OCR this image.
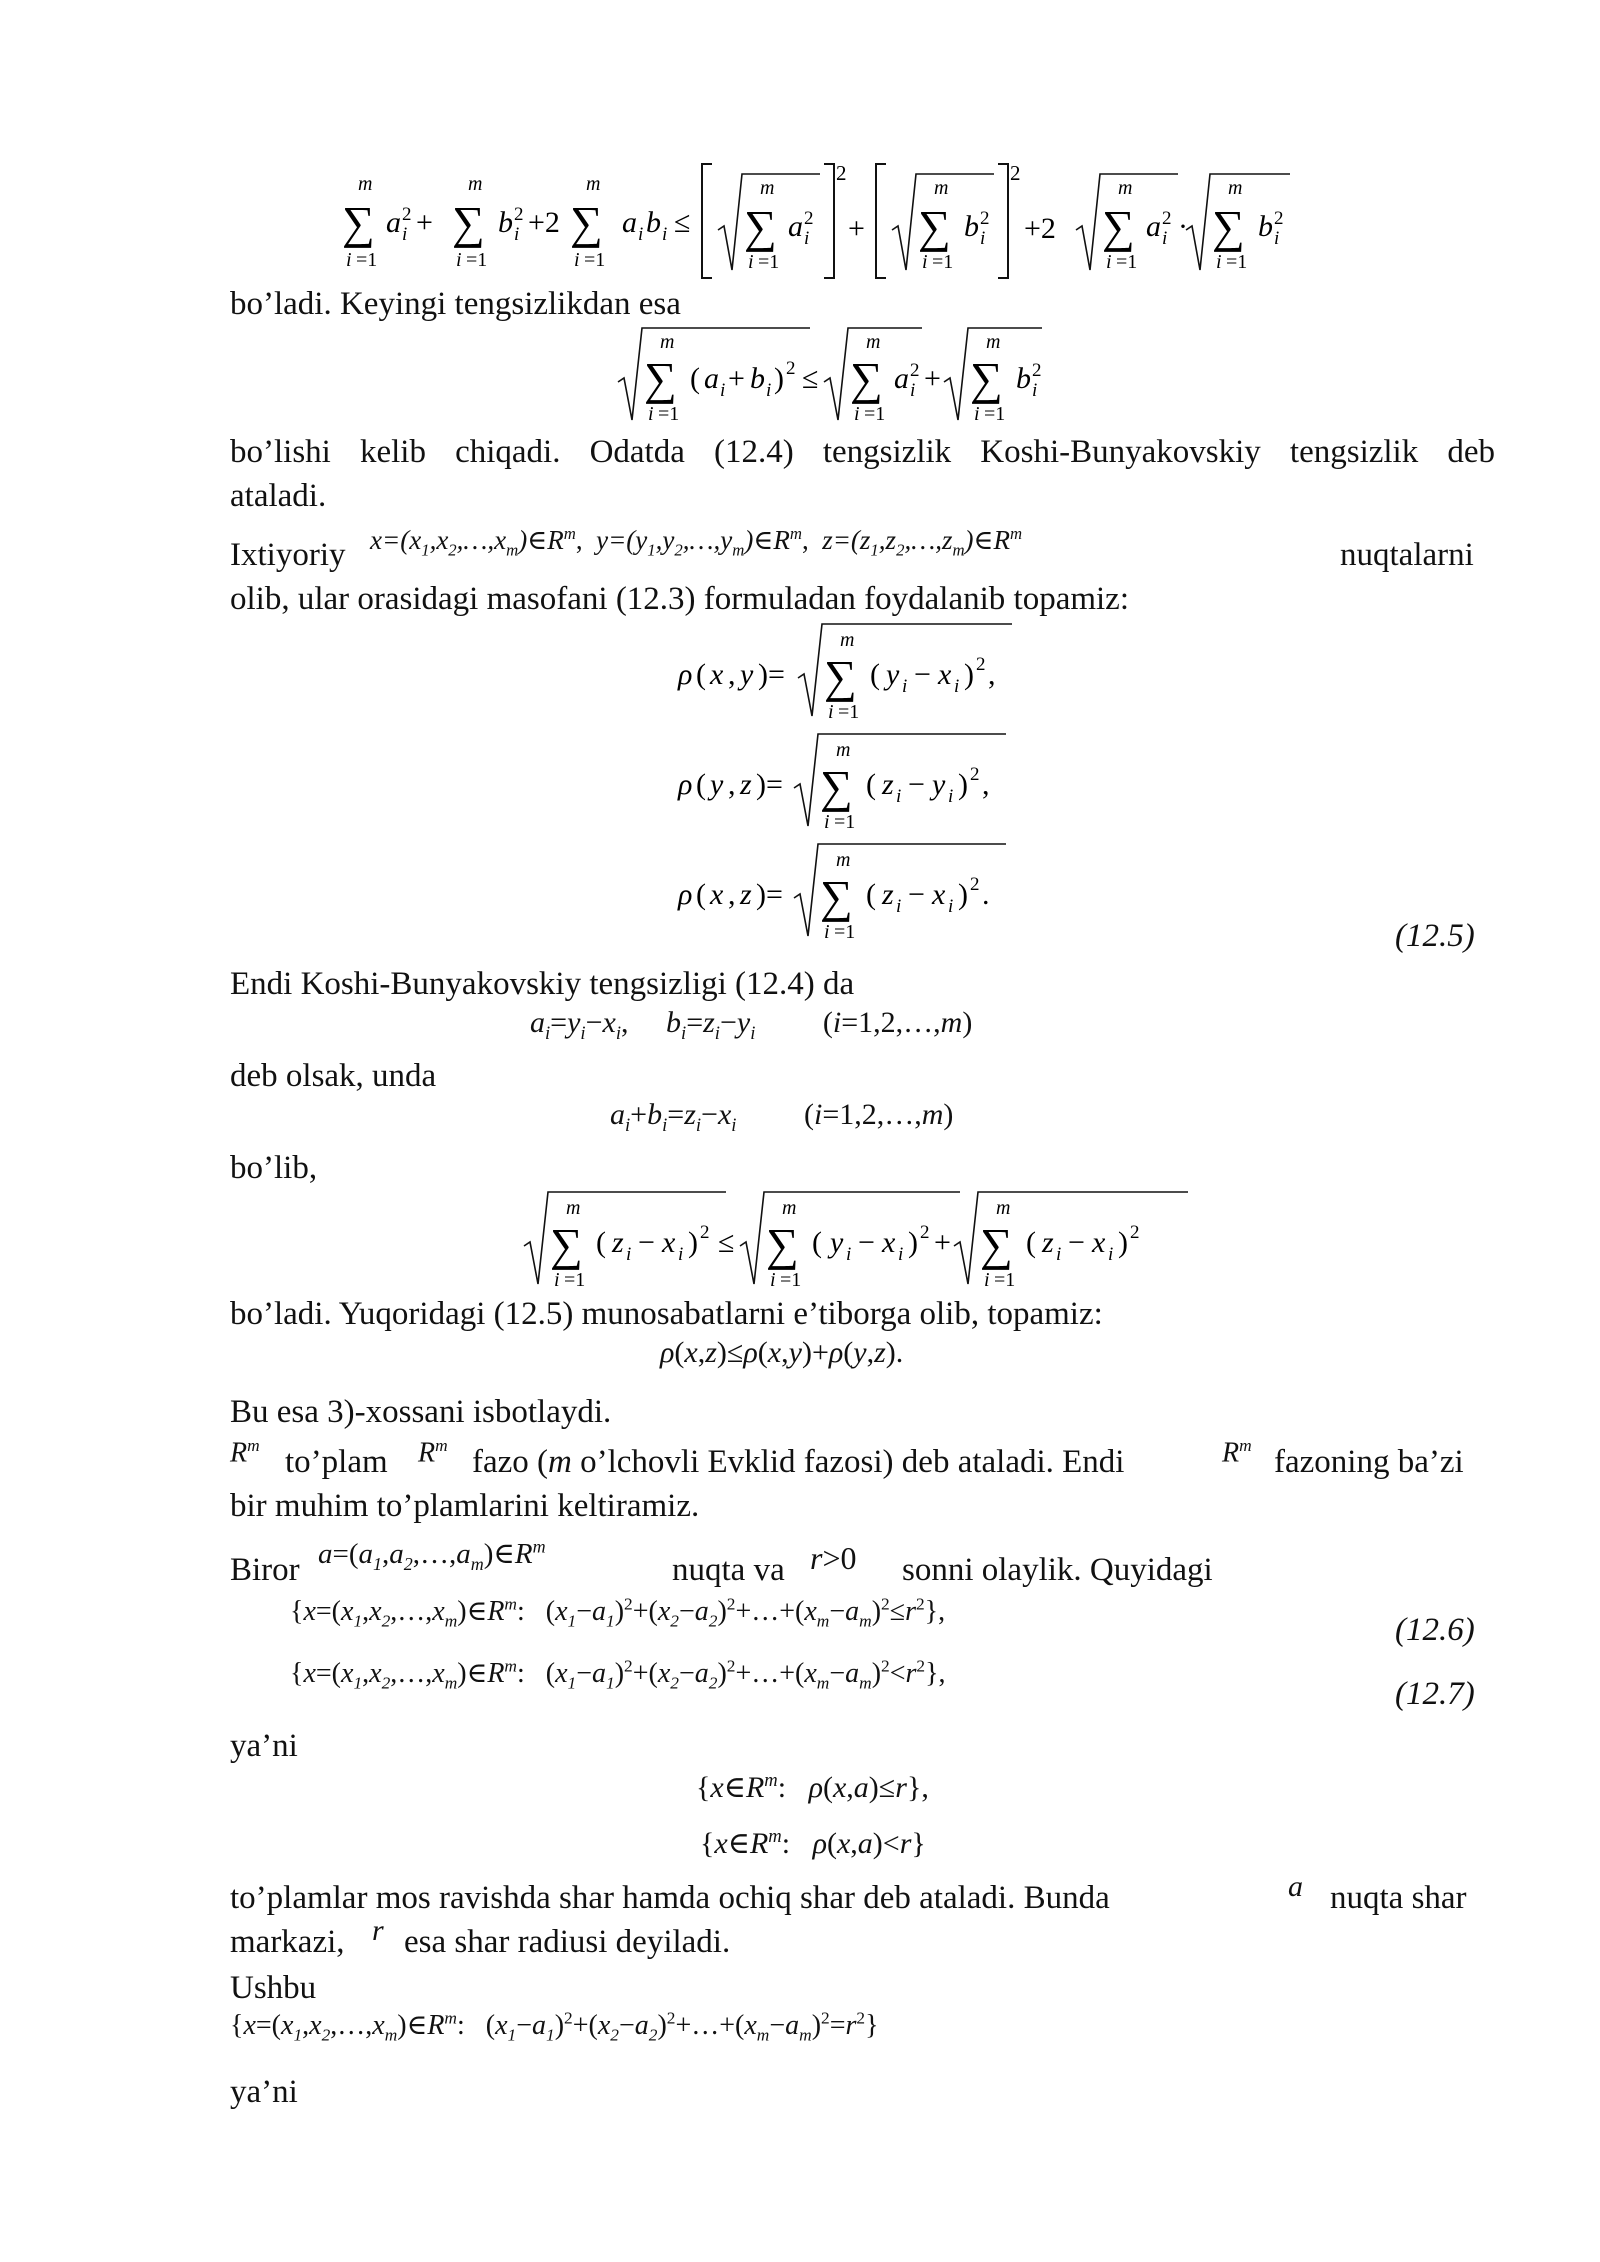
m
∑
i =1
a i
2 +
m
∑
i =1
b i
2 +2
m
∑
i =1
a i b i ≤
m
∑
i =1
a i
2
2
+
m
∑
i =1
b i
2
2
+2
m
∑
i =1
a i
2 ·
m
∑
i =1
b i
2
bo’ladi. Keyingi tengsizlikdan esa
m
∑
i =1
( a i + b i ) 2 ≤
m
∑
i =1
a i
2 +
m
∑
i =1
b i
2
bo’lishi kelib chiqadi. Odatda (12.4) tengsizlik Koshi-Bunyakovskiy tengsizlik deb
ataladi.
Ixtiyoriy $x=(x_1,x_2,\dots,x_m)\in R^m$,  $y=(y_1,y_2,\dots,y_m)\in R^m$,  $z=(z_1,z_2,\dots,z_m)\in R^m$
nuqtalarni
olib, ular orasidagi masofani (12.3) formuladan foydalanib topamiz:
ρ ( x , y )=
m
∑
i =1
( y i − x i ) 2 ,
ρ ( y , z )=
m
∑
i =1
( z i − y i ) 2 ,
ρ ( x , z )=
m
∑
i =1
( z i − x i ) 2 .
(12.5)
Endi Koshi-Bunyakovskiy tengsizligi (12.4) da
$a_i=y_i-x_i$,     $b_i=z_i-y_i$ (i=1,2,…,m)
deb olsak, unda
$a_i+b_i=z_i-x_i$ (i=1,2,…,m)
bo’lib,
m
∑
i =1
( z i − x i ) 2 ≤
m
∑
i =1
( y i − x i ) 2 +
m
∑
i =1
( z i − x i ) 2
bo’ladi. Yuqoridagi (12.5) munosabatlarni e’tiborga olib, topamiz:
ρ(x,z)≤ρ(x,y)+ρ(y,z).
Bu esa 3)-xossani isbotlaydi.
$R^m$ to’plam $R^m$ fazo (m o’lchovli Evklid fazosi) deb ataladi. Endi	$R^m$ fazoning ba’zi
bir muhim to’plamlarini keltiramiz.
Biror $a=(a_1,a_2,\dots,a_m)\in R^m$
nuqta va r>0 sonni olaylik. Quyidagi
{$x=(x_1,x_2,\dots,x_m)\in R^m$: $(x_1-a_1)^2+(x_2-a_2)^2+\dots+(x_m-a_m)^2\le r^2$},
(12.6)
{$x=(x_1,x_2,\dots,x_m)\in R^m$: $(x_1-a_1)^2+(x_2-a_2)^2+\dots+(x_m-a_m)^2<r^2$},
(12.7)
ya’ni
{$x\in R^m$:   ρ(x,a)≤r},
{$x\in R^m$:   ρ(x,a)<r}
to’plamlar mos ravishda shar hamda ochiq shar deb ataladi. Bunda	a nuqta shar
markazi, r esa shar radiusi deyiladi.
Ushbu
{$x=(x_1,x_2,\dots,x_m)\in R^m$: $(x_1-a_1)^2+(x_2-a_2)^2+\dots+(x_m-a_m)^2=r^2$}
ya’ni
